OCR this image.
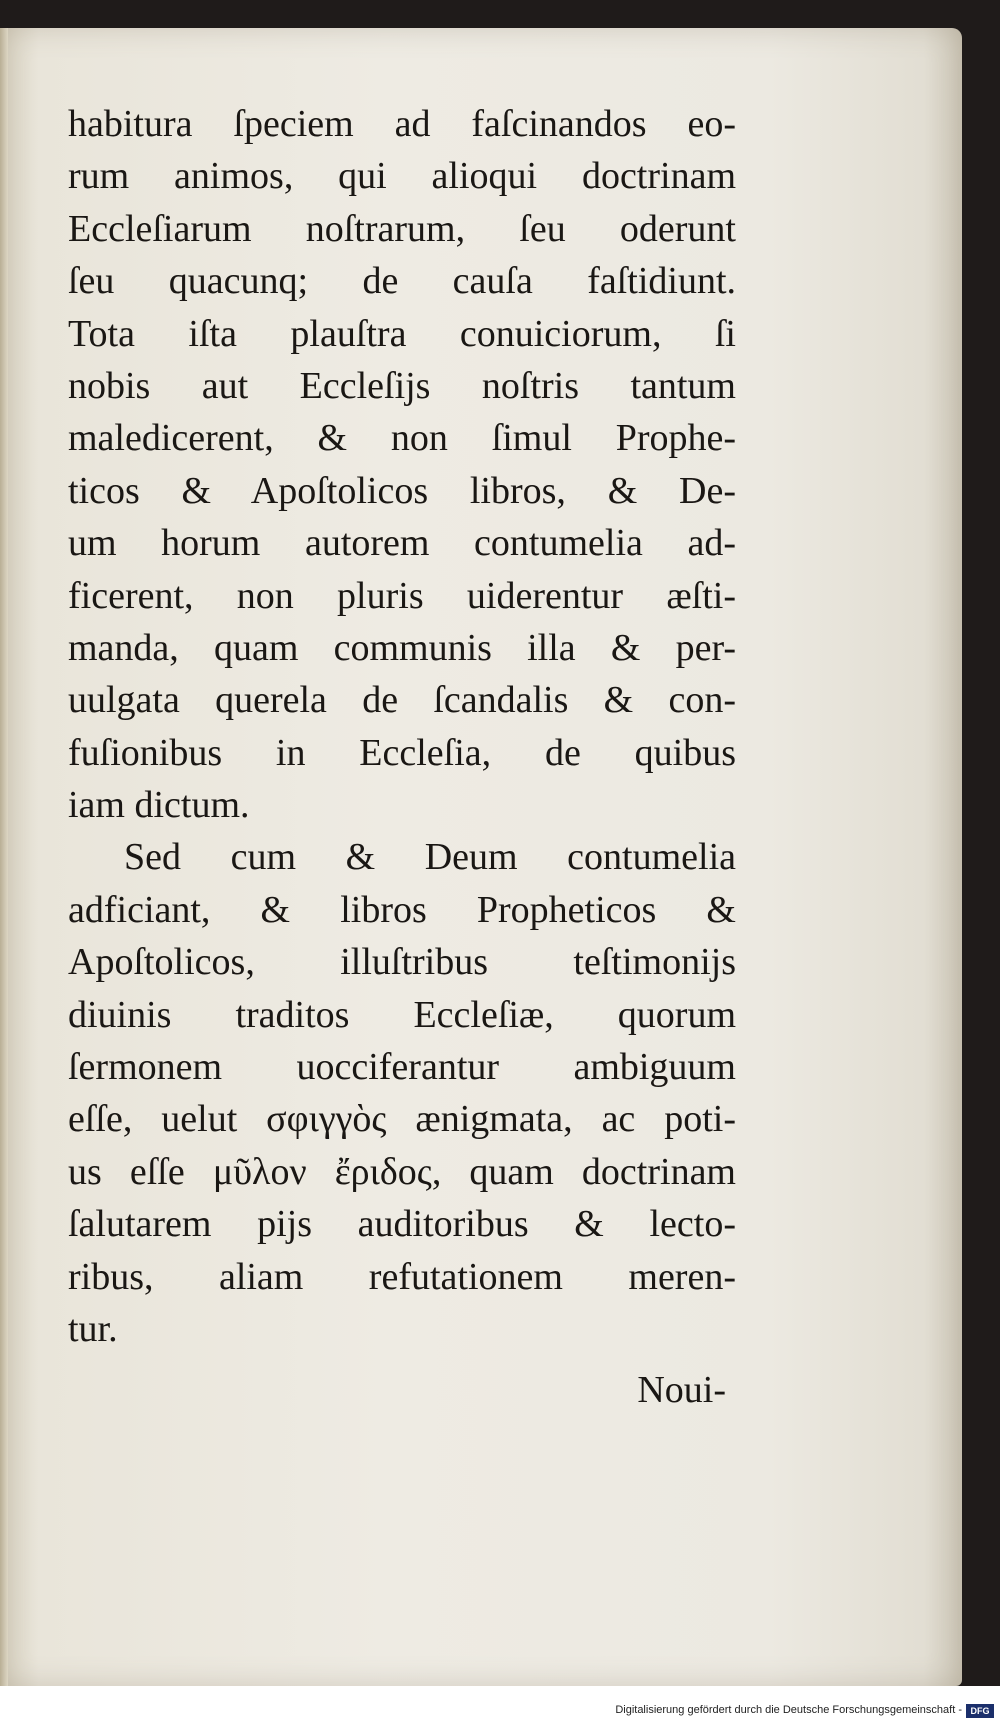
habitura ſpeciem ad faſcinandos eo-
rum animos, qui alioqui doctrinam
Eccleſiarum noſtrarum, ſeu oderunt
ſeu quacunq; de cauſa faſtidiunt.
Tota iſta plauſtra conuiciorum, ſi
nobis aut Eccleſijs noſtris tantum
maledicerent, & non ſimul Prophe-
ticos & Apoſtolicos libros, & De-
um horum autorem contumelia ad-
ficerent, non pluris uiderentur æſti-
manda, quam communis illa & per-
uulgata querela de ſcandalis & con-
fuſionibus in Eccleſia, de quibus
iam dictum.
Sed cum & Deum contumelia
adficiant, & libros Propheticos &
Apoſtolicos, illuſtribus teſtimonijs
diuinis traditos Eccleſiæ, quorum
ſermonem uocciferantur ambiguum
eſſe, uelut σφιγγὸς ænigmata, ac poti-
us eſſe μῦλον ἔριδος, quam doctrinam
ſalutarem pijs auditoribus & lecto-
ribus, aliam refutationem meren-
tur.
Noui-
Digitalisierung gefördert durch die Deutsche Forschungsgemeinschaft - DFG
